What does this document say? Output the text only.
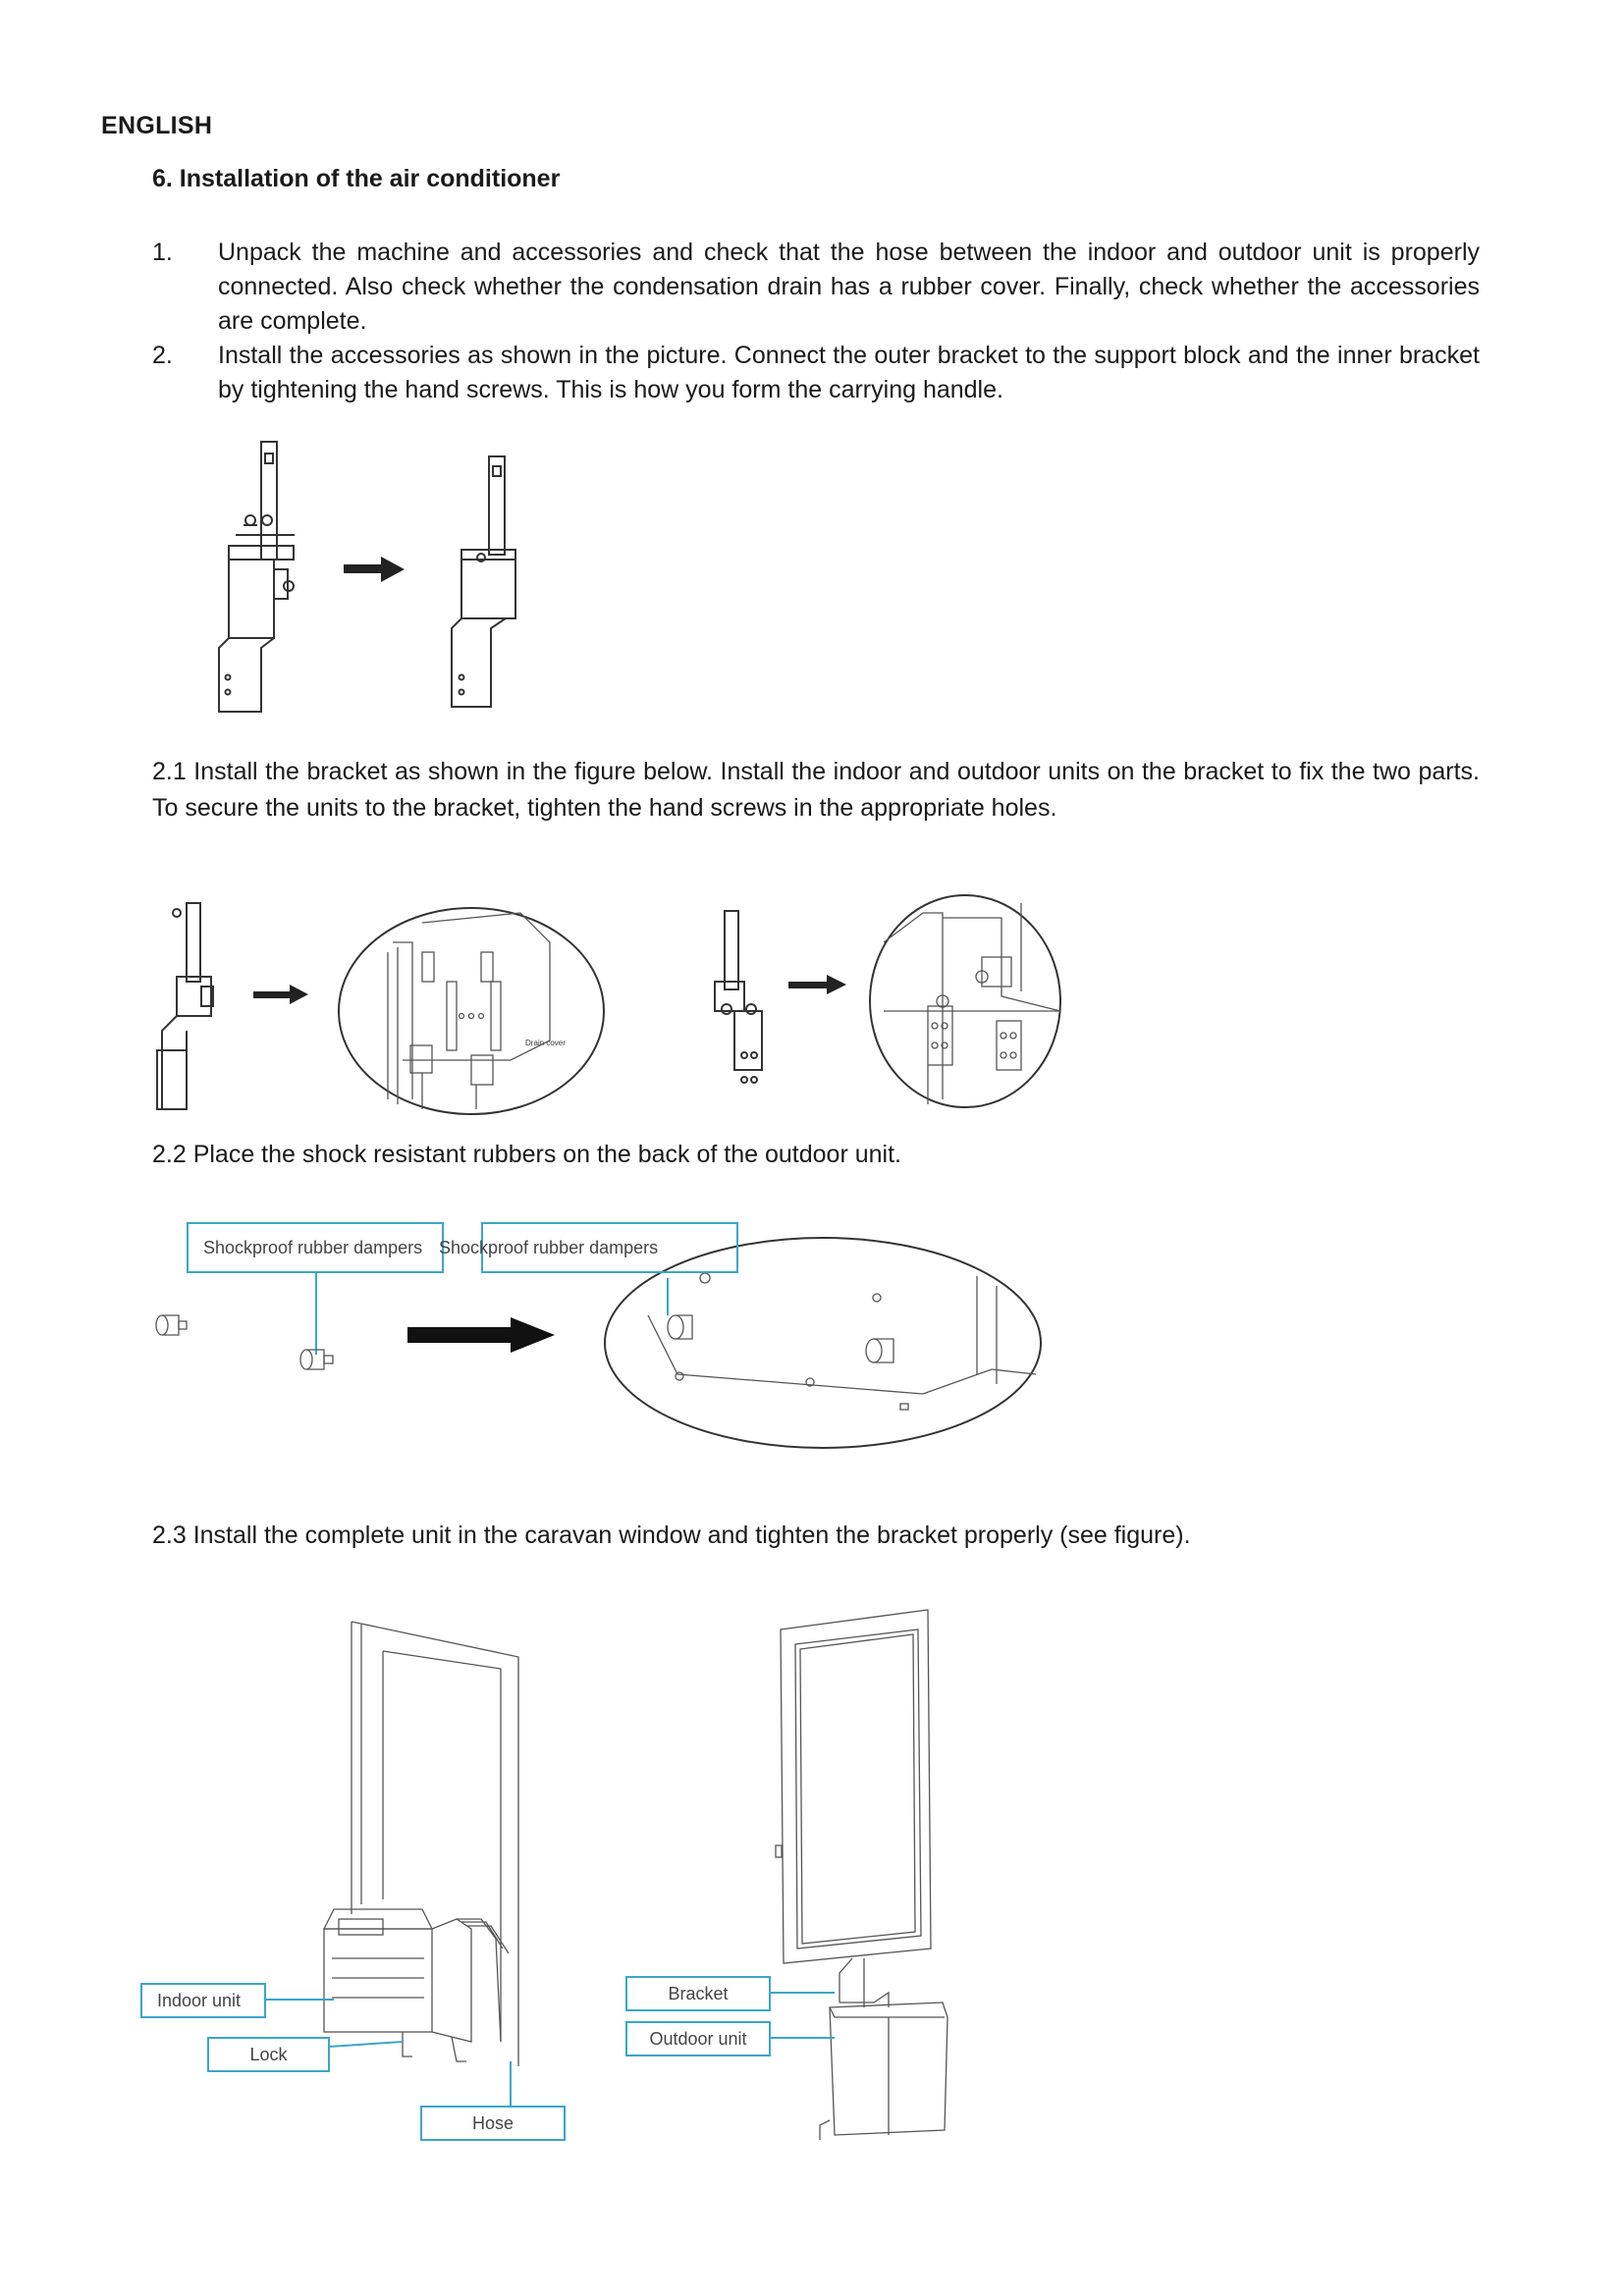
ENGLISH
6. Installation of the air conditioner
1. Unpack the machine and accessories and check that the hose between the indoor and outdoor unit is properly connected. Also check whether the condensation drain has a rubber cover. Finally, check whether the accessories are complete.
2. Install the accessories as shown in the picture. Connect the outer bracket to the support block and the inner bracket by tightening the hand screws. This is how you form the carrying handle.
2.1 Install the bracket as shown in the figure below. Install the indoor and outdoor units on the bracket to fix the two parts. To secure the units to the bracket, tighten the hand screws in the appropriate holes.
Drain cover
2.2 Place the shock resistant rubbers on the back of the outdoor unit.
Shockproof rubber dampers Shockproof rubber dampers
2.3 Install the complete unit in the caravan window and tighten the bracket properly (see figure).
Indoor unit
Lock
Hose
Bracket
Outdoor unit
